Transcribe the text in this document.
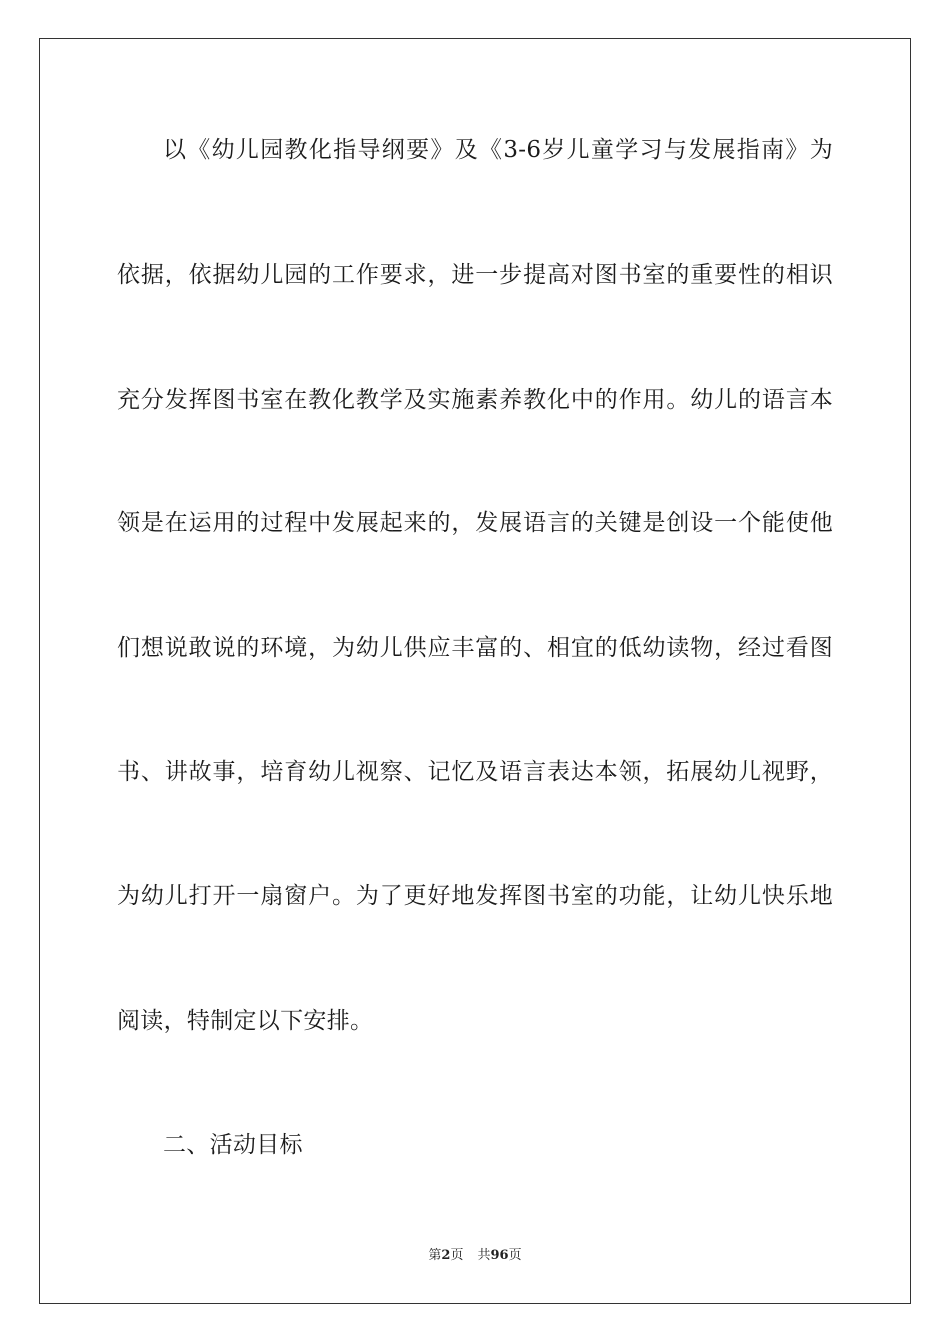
以《幼儿园教化指导纲要》及《3-6岁儿童学习与发展指南》为
依据，依据幼儿园的工作要求，进一步提高对图书室的重要性的相识
充分发挥图书室在教化教学及实施素养教化中的作用。幼儿的语言本
领是在运用的过程中发展起来的，发展语言的关键是创设一个能使他
们想说敢说的环境，为幼儿供应丰富的、相宜的低幼读物，经过看图
书、讲故事，培育幼儿视察、记忆及语言表达本领，拓展幼儿视野，
为幼儿打开一扇窗户。为了更好地发挥图书室的功能，让幼儿快乐地
阅读，特制定以下安排。
二、活动目标
第2页 共96页
